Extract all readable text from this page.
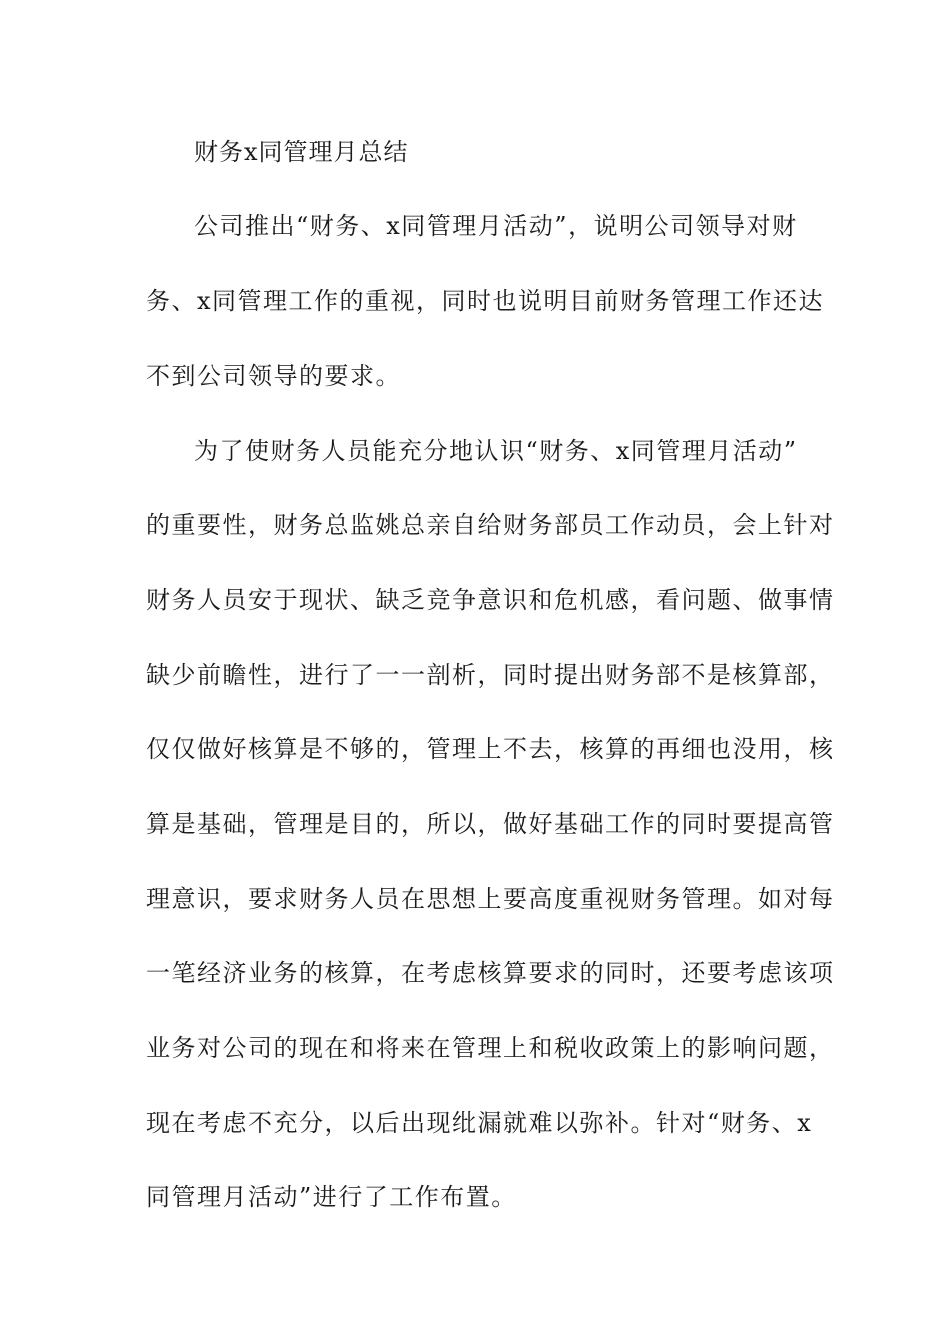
财务x同管理月总结
公司推出“财务、x同管理月活动”，说明公司领导对财
务、x同管理工作的重视，同时也说明目前财务管理工作还达
不到公司领导的要求。
为了使财务人员能充分地认识“财务、x同管理月活动”
的重要性，财务总监姚总亲自给财务部员工作动员，会上针对
财务人员安于现状、缺乏竞争意识和危机感，看问题、做事情
缺少前瞻性，进行了一一剖析，同时提出财务部不是核算部，
仅仅做好核算是不够的，管理上不去，核算的再细也没用，核
算是基础，管理是目的，所以，做好基础工作的同时要提高管
理意识，要求财务人员在思想上要高度重视财务管理。如对每
一笔经济业务的核算，在考虑核算要求的同时，还要考虑该项
业务对公司的现在和将来在管理上和税收政策上的影响问题，
现在考虑不充分，以后出现纰漏就难以弥补。针对“财务、x
同管理月活动”进行了工作布置。
